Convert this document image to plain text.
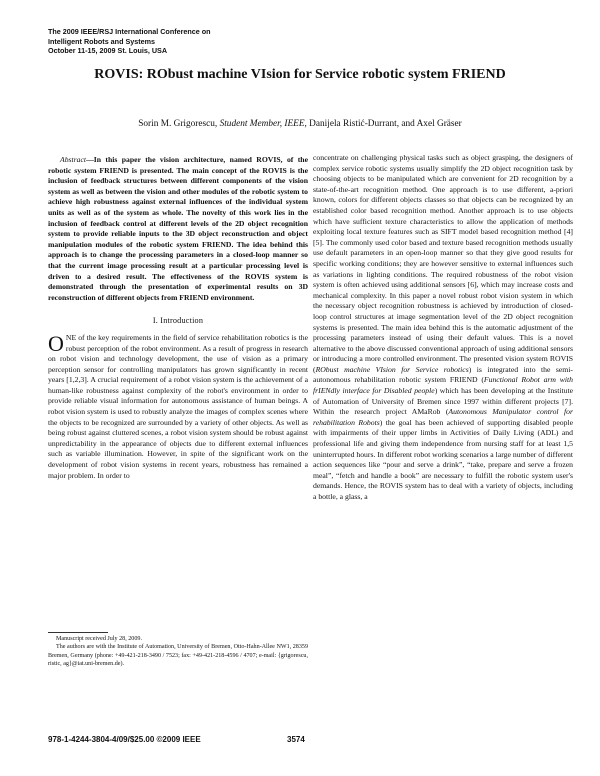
The 2009 IEEE/RSJ International Conference on
Intelligent Robots and Systems
October 11-15, 2009 St. Louis, USA
ROVIS: RObust machine VIsion for Service robotic system FRIEND
Sorin M. Grigorescu, Student Member, IEEE, Danijela Ristić-Durrant, and Axel Gräser

Abstract—In this paper the vision architecture, named ROVIS, of the robotic system FRIEND is presented. The main concept of the ROVIS is the inclusion of feedback structures between different components of the vision system as well as between the vision and other modules of the robotic system to achieve high robustness against external influences of the individual system units as well as of the system as whole. The novelty of this work lies in the inclusion of feedback control at different levels of the 2D object recognition system to provide reliable inputs to the 3D object reconstruction and object manipulation modules of the robotic system FRIEND. The idea behind this approach is to change the processing parameters in a closed-loop manner so that the current image processing result at a particular processing level is driven to a desired result. The effectiveness of the ROVIS system is demonstrated through the presentation of experimental results on 3D reconstruction of different objects from FRIEND environment.

I. Introduction

ONE of the key requirements in the field of service rehabilitation robotics is the robust perception of the robot environment. As a result of progress in research on robot vision and technology development, the use of vision as a primary perception sensor for controlling manipulators has grown significantly in recent years [1,2,3]. A crucial requirement of a robot vision system is the achievement of a human-like robustness against complexity of the robot's environment in order to provide reliable visual information for autonomous assistance of human beings. A robot vision system is used to robustly analyze the images of complex scenes where the objects to be recognized are surrounded by a variety of other objects. As well as being robust against cluttered scenes, a robot vision system should be robust against unpredictability in the appearance of objects due to different external influences such as variable illumination. However, in spite of the significant work on the development of robot vision systems in recent years, robustness has remained a major problem. In order to

Manuscript received July 28, 2009.

The authors are with the Institute of Automation, University of Bremen, Otto-Hahn-Allee NW1, 28359 Bremen, Germany (phone: +49-421-218-3490 / 7523; fax: +49-421-218-4596 / 4707; e-mail: {grigorescu, ristic, ag}@iat.uni-bremen.de).

concentrate on challenging physical tasks such as object grasping, the designers of complex service robotic systems usually simplify the 2D object recognition task by choosing objects to be manipulated which are convenient for 2D recognition by a state-of-the-art recognition method. One approach is to use different, a-priori known, colors for different objects classes so that objects can be recognized by an established color based recognition method. Another approach is to use objects which have sufficient texture characteristics to allow the application of methods exploiting local texture features such as SIFT model based recognition method [4][5]. The commonly used color based and texture based recognition methods usually use default parameters in an open-loop manner so that they give good results for specific working conditions; they are however sensitive to external influences such as variations in lighting conditions. The required robustness of the robot vision system is often achieved using additional sensors [6], which may increase costs and mechanical complexity. In this paper a novel robust robot vision system in which the necessary object recognition robustness is achieved by introduction of closed-loop control structures at image segmentation level of the 2D object recognition systems is presented. The main idea behind this is the automatic adjustment of the processing parameters instead of using their default values. This is a novel alternative to the above discussed conventional approach of using additional sensors or introducing a more controlled environment. The presented vision system ROVIS (RObust machine VIsion for Service robotics) is integrated into the semi-autonomous rehabilitation robotic system FRIEND (Functional Robot arm with frIENdly interface for Disabled people) which has been developing at the Institute of Automation of University of Bremen since 1997 within different projects [7]. Within the research project AMaRob (Autonomous Manipulator control for rehabilitation Robots) the goal has been achieved of supporting disabled people with impairments of their upper limbs in Activities of Daily Living (ADL) and professional life and giving them independence from nursing staff for at least 1,5 uninterrupted hours. In different robot working scenarios a large number of different action sequences like “pour and serve a drink”, “take, prepare and serve a frozen meal”, “fetch and handle a book” are necessary to fulfill the robotic system user's demands. Hence, the ROVIS system has to deal with a variety of objects, including a bottle, a glass, a

978-1-4244-3804-4/09/$25.00 ©2009 IEEE	3574
